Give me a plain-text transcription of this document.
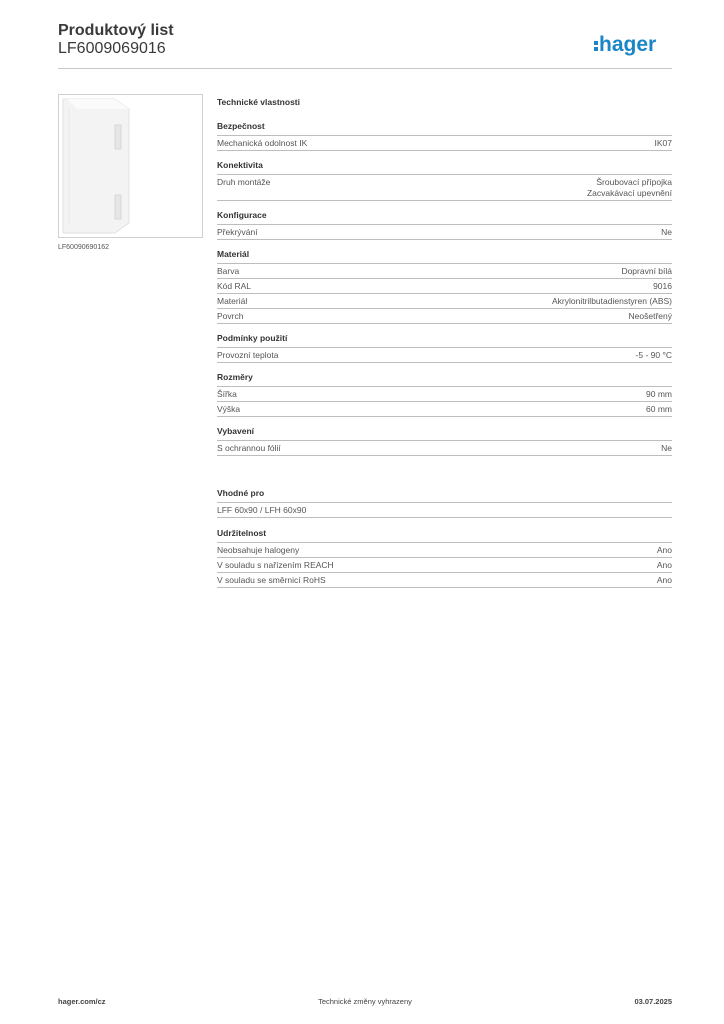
Produktový list
LF6009069016	hager
LF60090690162
Technické vlastnosti
Bezpečnost
Mechanická odolnost IK	IK07
Konektivita
Druh montáže	Šroubovací přípojka
Zacvakávací upevnění
Konfigurace
Překrývání	Ne
Materiál
Barva	Dopravní bílá
Kód RAL	9016
Materiál	Akrylonitrilbutadienstyren (ABS)
Povrch	Neošetřený
Podmínky použití
Provozní teplota	-5 - 90 °C
Rozměry
Šířka	90 mm
Výška	60 mm
Vybavení
S ochrannou fólií	Ne
Vhodné pro
LFF 60x90 / LFH 60x90
Udržitelnost
Neobsahuje halogeny	Ano
V souladu s nařízením REACH	Ano
V souladu se směrnicí RoHS	Ano
Technické změny vyhrazeny
hager.com/cz	03.07.2025
